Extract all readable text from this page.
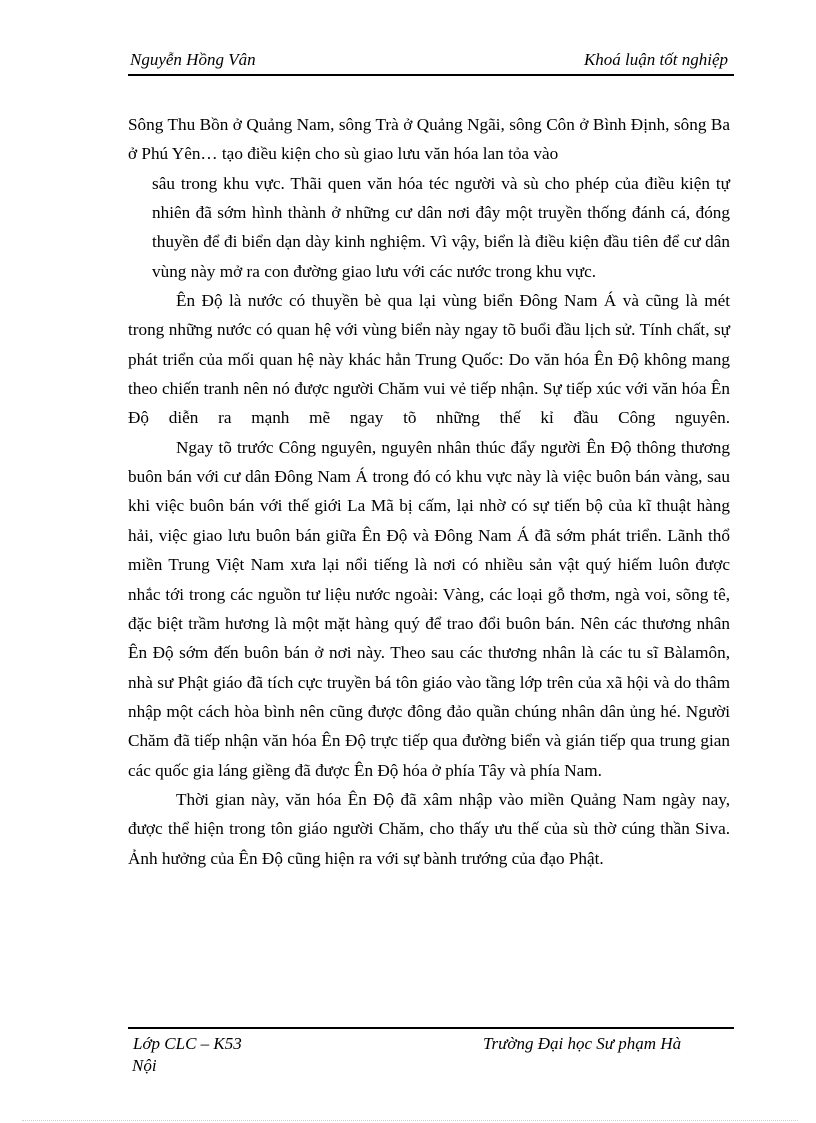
Nguyễn Hồng Vân	Khoá luận tốt nghiệp

Sông Thu Bồn ở Quảng Nam, sông Trà ở Quảng Ngãi, sông Côn ở Bình Định, sông Ba ở Phú Yên… tạo điều kiện cho sù giao lưu văn hóa lan tỏa vào
sâu trong khu vực. Thãi quen văn hóa téc người và sù cho phép của điều kiện tự nhiên đã sớm hình thành ở những cư dân nơi đây một truyền thống đánh cá, đóng thuyền để đi biển dạn dày kinh nghiệm. Vì vậy, biển là điều kiện đầu tiên để cư dân vùng này mở ra con đường giao lưu với các nước trong khu vực.

Ên Độ là nước có thuyền bè qua lại vùng biển Đông Nam Á và cũng là mét trong những nước có quan hệ với vùng biển này ngay tõ buổi đầu lịch sử. Tính chất, sự phát triển của mối quan hệ này khác hẳn Trung Quốc: Do văn hóa Ên Độ không mang theo chiến tranh nên nó được người Chăm vui vẻ tiếp nhận. Sự tiếp xúc với văn hóa Ên Độ diễn ra mạnh mẽ ngay tõ những thế kỉ đầu Công nguyên.

Ngay tõ trước Công nguyên, nguyên nhân thúc đẩy người Ên Độ thông thương buôn bán với cư dân Đông Nam Á trong đó có khu vực này là việc buôn bán vàng, sau khi việc buôn bán với thế giới La Mã bị cấm, lại nhờ có sự tiến bộ của kĩ thuật hàng hải, việc giao lưu buôn bán giữa Ên Độ và Đông Nam Á đã sớm phát triển. Lãnh thổ miền Trung Việt Nam xưa lại nổi tiếng là nơi có nhiều sản vật quý hiếm luôn được nhắc tới trong các nguồn tư liệu nước ngoài: Vàng, các loại gỗ thơm, ngà voi, sõng tê, đặc biệt trầm hương là một mặt hàng quý để trao đổi buôn bán. Nên các thương nhân Ên Độ sớm đến buôn bán ở nơi này. Theo sau các thương nhân là các tu sĩ Bàlamôn, nhà sư Phật giáo đã tích cực truyền bá tôn giáo vào tầng lớp trên của xã hội và do thâm nhập một cách hòa bình nên cũng được đông đảo quần chúng nhân dân ủng hé. Người Chăm đã tiếp nhận văn hóa Ên Độ trực tiếp qua đường biển và gián tiếp qua trung gian các quốc gia láng giềng đã được Ên Độ hóa ở phía Tây và phía Nam.

Thời gian này, văn hóa Ên Độ đã xâm nhập vào miền Quảng Nam ngày nay, được thể hiện trong tôn giáo người Chăm, cho thấy ưu thế của sù thờ cúng thần Siva. Ảnh hưởng của Ên Độ cũng hiện ra với sự bành trướng của đạo Phật.

Lớp CLC – K53	Trường Đại học Sư phạm Hà
Nội
